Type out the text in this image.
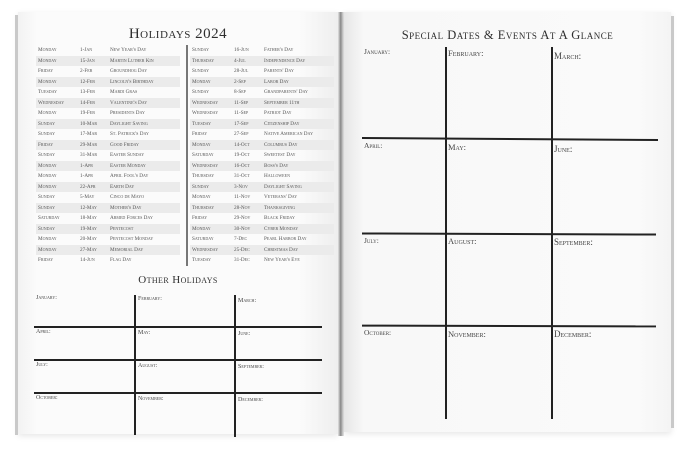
Holidays 2024
Monday	1-Jan	New Year's Day
Monday	15-Jan	Martin Luther Kin
Friday	2-Feb	Groundhog Day
Monday	12-Feb	Lincoln's Birthday
Tuesday	13-Feb	Mardi Gras
Wednesday	14-Feb	Valentine's Day
Monday	19-Feb	Presidents Day
Sunday	10-Mar	Daylight Saving
Sunday	17-Mar	St. Patrick's Day
Friday	29-Mar	Good Friday
Sunday	31-Mar	Easter Sunday
Monday	1-Apr	Easter Monday
Monday	1-Apr	April Fool's Day
Monday	22-Apr	Earth Day
Sunday	5-May	Cinco de Mayo
Sunday	12-May	Mother's Day
Saturday	18-May	Armed Forces Day
Sunday	19-May	Pentecost
Monday	20-May	Pentecost Monday
Monday	27-May	Memorial Day
Friday	14-Jun	Flag Day
Sunday	16-Jun	Father's Day
Thursday	4-Jul	Independence Day
Sunday	28-Jul	Parents' Day
Monday	2-Sep	Labor Day
Sunday	8-Sep	Grandparents' Day
Wednesday	11-Sep	September 11th
Wednesday	11-Sep	Patriot Day
Tuesday	17-Sep	Citizenship Day
Friday	27-Sep	Native American Day
Monday	14-Oct	Columbus Day
Saturday	19-Oct	Sweetest Day
Wednesday	16-Oct	Boss's Day
Thursday	31-Oct	Halloween
Sunday	3-Nov	Daylight Saving
Monday	11-Nov	Veterans' Day
Thursday	28-Nov	Thanksgiving
Friday	29-Nov	Black Friday
Monday	30-Nov	Cyber Monday
Saturday	7-Dec	Pearl Harbor Day
Wednesday	25-Dec	Christmas Day
Tuesday	31-Dec	New Year's Eve
Other Holidays
January:	February:	March:
April:	May:	June:
July:	August:	September:
October:	November:	December:
Special Dates & Events At A Glance
January:	February:	March:
April:	May:	June:
July:	August:	September:
October:	November:	December:
